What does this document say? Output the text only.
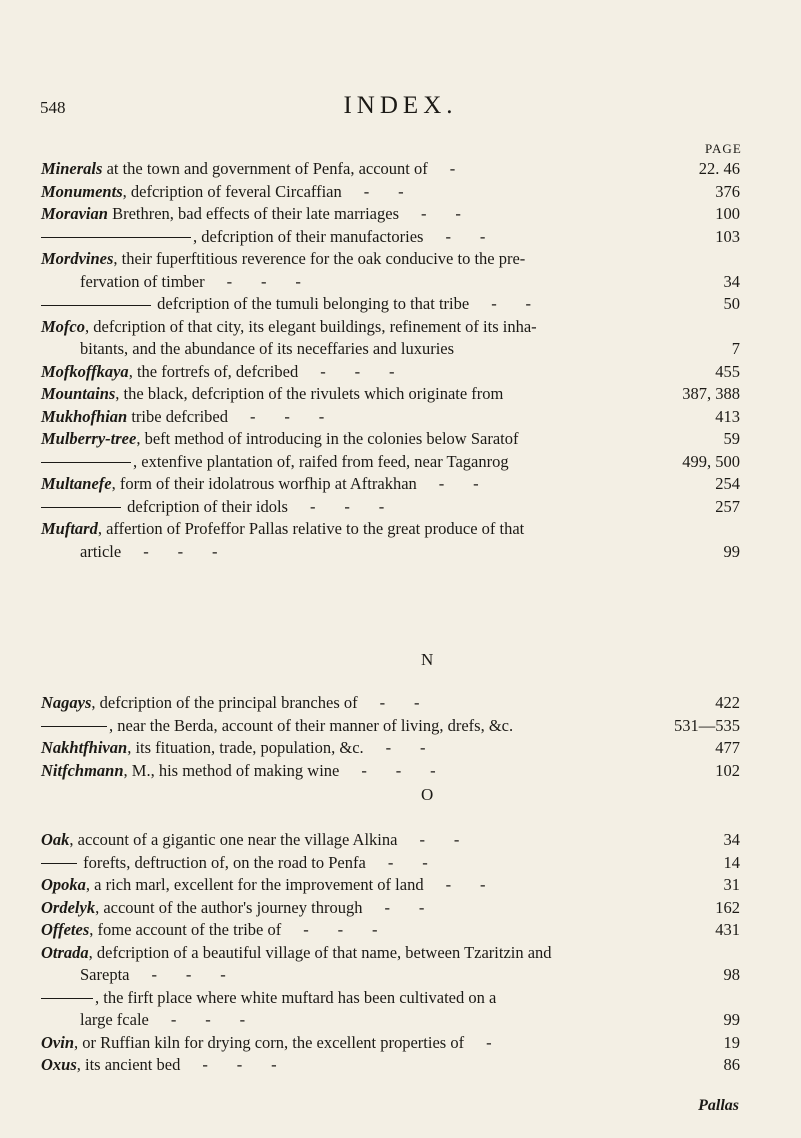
548	INDEX.
PAGE
Minerals at the town and government of Penfa, account of -	22. 46
Monuments, defcription of feveral Circaffian -       -	376
Moravian Brethren, bad effects of their late marriages -       -	100
, defcription of their manufactories -       -	103
Mordvines, their fuperftitious reverence for the oak conducive to the pre-
fervation of timber -       -       -	34
defcription of the tumuli belonging to that tribe -       -	50
Mofco, defcription of that city, its elegant buildings, refinement of its inha-
bitants, and the abundance of its neceffaries and luxuries	7
Mofkoffkaya, the fortrefs of, defcribed -       -       -	455
Mountains, the black, defcription of the rivulets which originate from	387, 388
Mukhofhian tribe defcribed -       -       -	413
Mulberry-tree, beft method of introducing in the colonies below Saratof	59
, extenfive plantation of, raifed from feed, near Taganrog	499, 500
Multanefe, form of their idolatrous worfhip at Aftrakhan -       -	254
defcription of their idols -       -       -	257
Muftard, affertion of Profeffor Pallas relative to the great produce of that
article -       -       -	99
N
Nagays, defcription of the principal branches of -       -	422
, near the Berda, account of their manner of living, drefs, &c.	531—535
Nakhtfhivan, its fituation, trade, population, &c. -       -	477
Nitfchmann, M., his method of making wine -       -       -	102
O
Oak, account of a gigantic one near the village Alkina -       -	34
forefts, deftruction of, on the road to Penfa -       -	14
Opoka, a rich marl, excellent for the improvement of land -       -	31
Ordelyk, account of the author's journey through -       -	162
Offetes, fome account of the tribe of -       -       -	431
Otrada, defcription of a beautiful village of that name, between Tzaritzin and
Sarepta -       -       -	98
, the firft place where white muftard has been cultivated on a
large fcale -       -       -	99
Ovin, or Ruffian kiln for drying corn, the excellent properties of -	19
Oxus, its ancient bed -       -       -	86
Pallas
